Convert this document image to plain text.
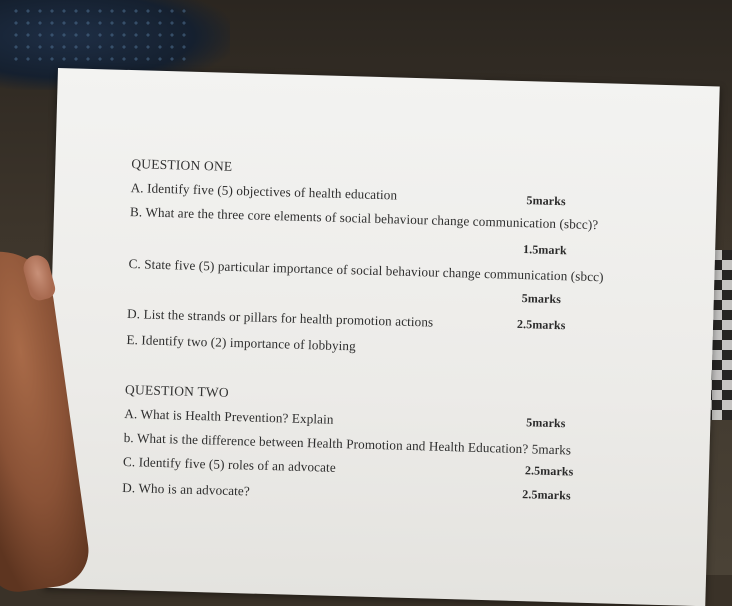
QUESTION ONE
A. Identify five (5) objectives of health education	5marks
B. What are the three core elements of social behaviour change communication (sbcc)?
1.5mark
C. State five (5) particular importance of social behaviour change communication (sbcc)
5marks
D. List the strands or pillars for health promotion actions	2.5marks
E. Identify two (2) importance of lobbying
QUESTION TWO
A. What is Health Prevention? Explain	5marks
b. What is the difference between Health Promotion and Health Education? 5marks
C. Identify five (5) roles of an advocate	2.5marks
D. Who is an advocate?	2.5marks
